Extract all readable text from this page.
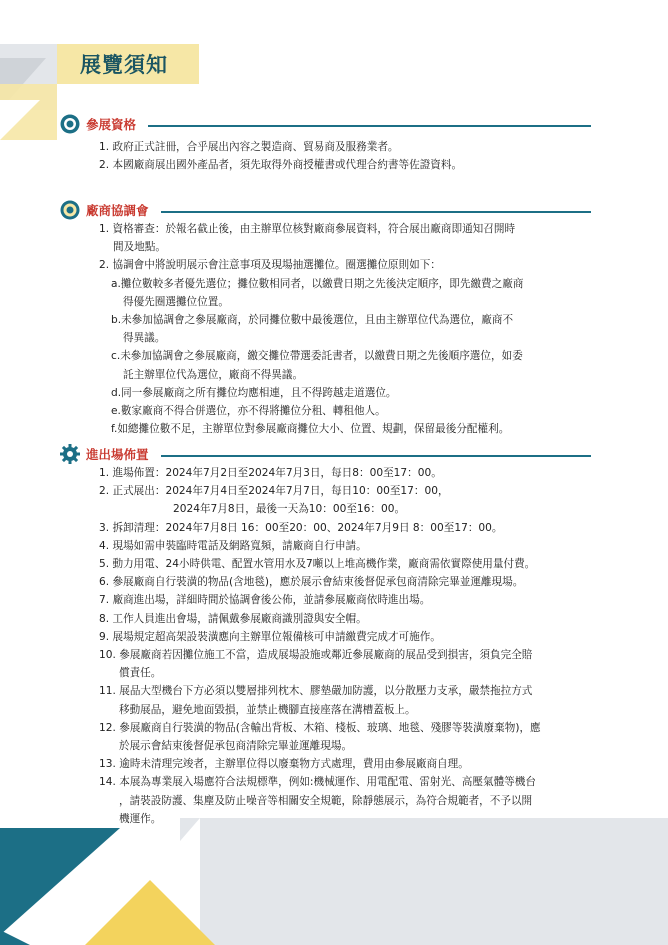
展覽須知
參展資格
1. 政府正式註冊，合乎展出內容之製造商、貿易商及服務業者。
2. 本國廠商展出國外產品者，須先取得外商授權書或代理合約書等佐證資料。
廠商協調會
1. 資格審查：於報名截止後，由主辦單位核對廠商參展資料，符合展出廠商即通知召開時
間及地點。
2. 協調會中將說明展示會注意事項及現場抽選攤位。圈選攤位原則如下：
a.攤位數較多者優先選位；攤位數相同者，以繳費日期之先後決定順序，即先繳費之廠商
得優先圈選攤位位置。
b.未參加協調會之參展廠商，於同攤位數中最後選位，且由主辦單位代為選位，廠商不
得異議。
c.未參加協調會之參展廠商，繳交攤位帶選委託書者，以繳費日期之先後順序選位，如委
託主辦單位代為選位，廠商不得異議。
d.同一參展廠商之所有攤位均應相連，且不得跨越走道選位。
e.數家廠商不得合併選位，亦不得將攤位分租、轉租他人。
f.如總攤位數不足，主辦單位對參展廠商攤位大小、位置、規劃，保留最後分配權利。
進出場佈置
1. 進場佈置：2024年7月2日至2024年7月3日，每日8：00至17：00。
2. 正式展出：2024年7月4日至2024年7月7日，每日10：00至17：00，
2024年7月8日，最後一天為10：00至16：00。
3. 拆卸清理：2024年7月8日 16：00至20：00、2024年7月9日 8：00至17：00。
4. 現場如需申裝臨時電話及網路寬頻，請廠商自行申請。
5. 動力用電、24小時供電、配置水管用水及7噸以上堆高機作業，廠商需依實際使用量付費。
6. 參展廠商自行裝潢的物品(含地毯)，應於展示會結束後督促承包商清除完畢並運離現場。
7. 廠商進出場，詳細時間於協調會後公佈，並請參展廠商依時進出場。
8. 工作人員進出會場，請佩戴參展廠商識別證與安全帽。
9. 展場規定超高架設裝潢應向主辦單位報備核可申請繳費完成才可施作。
10. 參展廠商若因攤位施工不當，造成展場設施或鄰近參展廠商的展品受到損害，須負完全賠
償責任。
11. 展品大型機台下方必須以雙層排列枕木、膠墊嚴加防護，以分散壓力支承，嚴禁拖拉方式
移動展品，避免地面毀損，並禁止機腳直接座落在溝槽蓋板上。
12. 參展廠商自行裝潢的物品(含輸出背板、木箱、棧板、玻璃、地毯、殘膠等裝潢廢棄物)，應
於展示會結束後督促承包商清除完畢並運離現場。
13. 逾時未清理完竣者，主辦單位得以廢棄物方式處理，費用由參展廠商自理。
14. 本展為專業展入場應符合法規標準，例如:機械運作、用電配電、雷射光、高壓氣體等機台
，請裝設防護、集塵及防止噪音等相關安全規範，除靜態展示，為符合規範者，不予以開
機運作。
